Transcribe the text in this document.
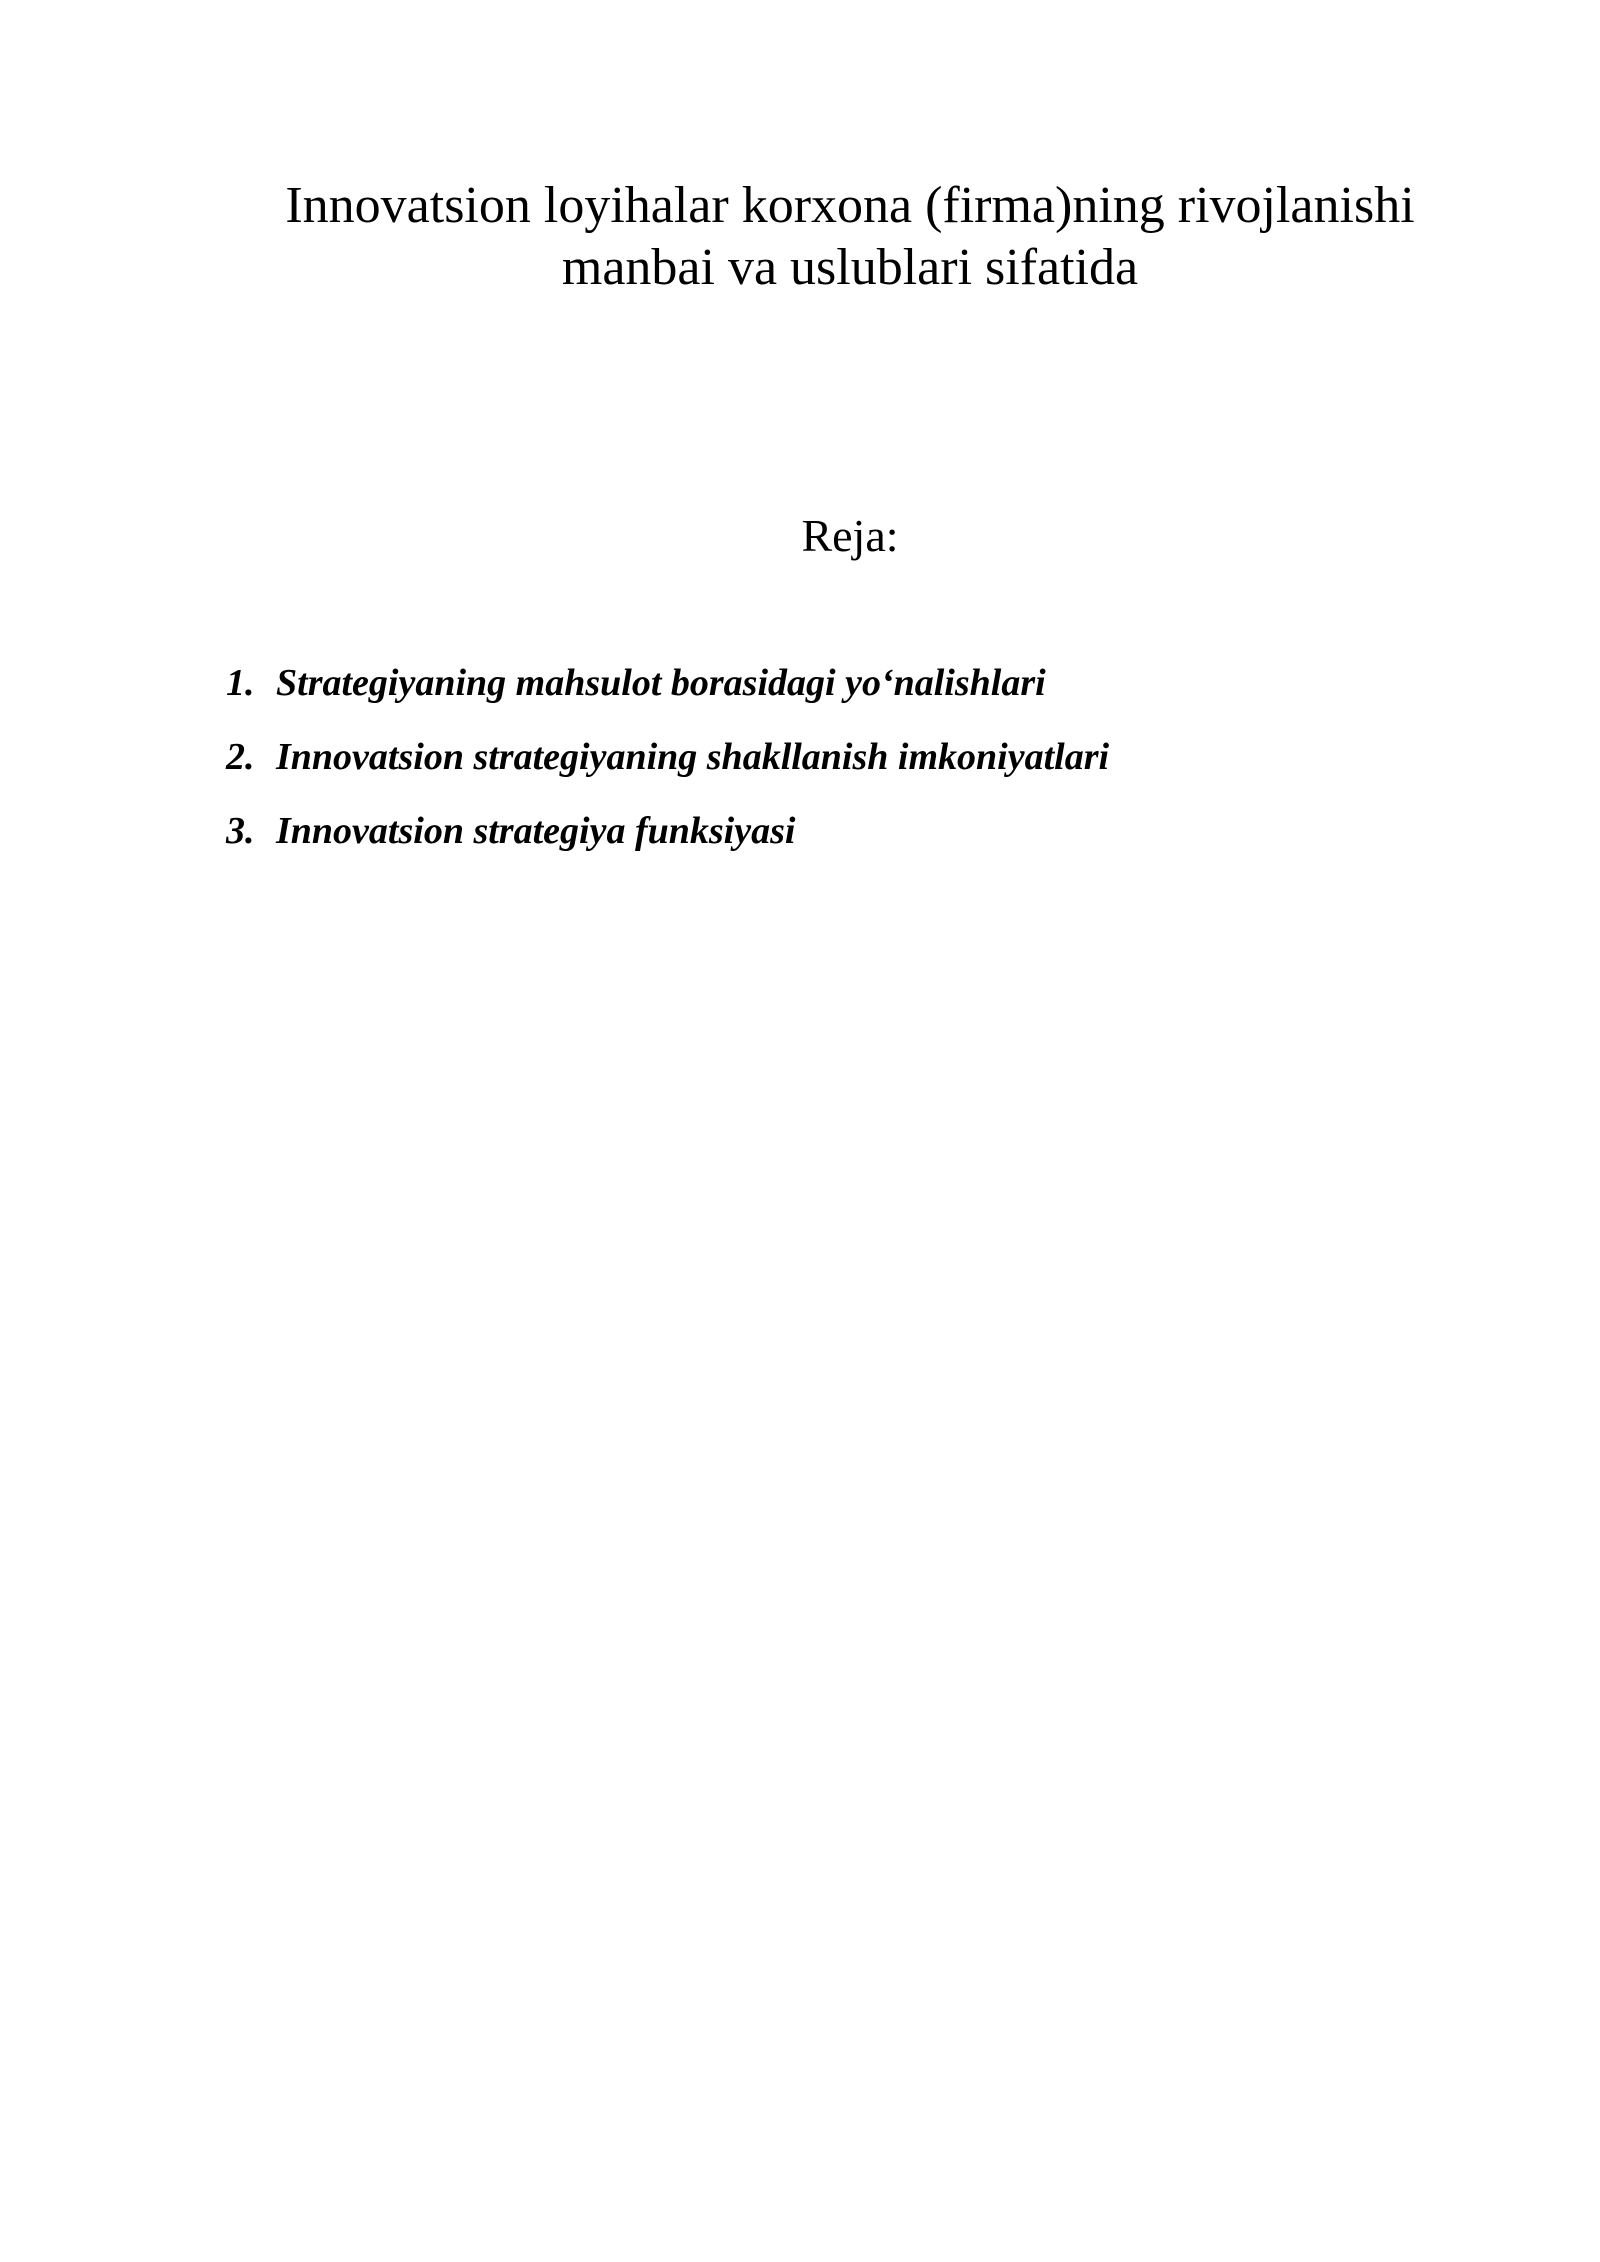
Innovatsion loyihalar korxona (firma)ning rivojlanishi
manbai va uslublari sifatida
Reja:
1. Strategiyaning mahsulot borasidagi yo‘nalishlari
2. Innovatsion strategiyaning shakllanish imkoniyatlari
3. Innovatsion strategiya funksiyasi
